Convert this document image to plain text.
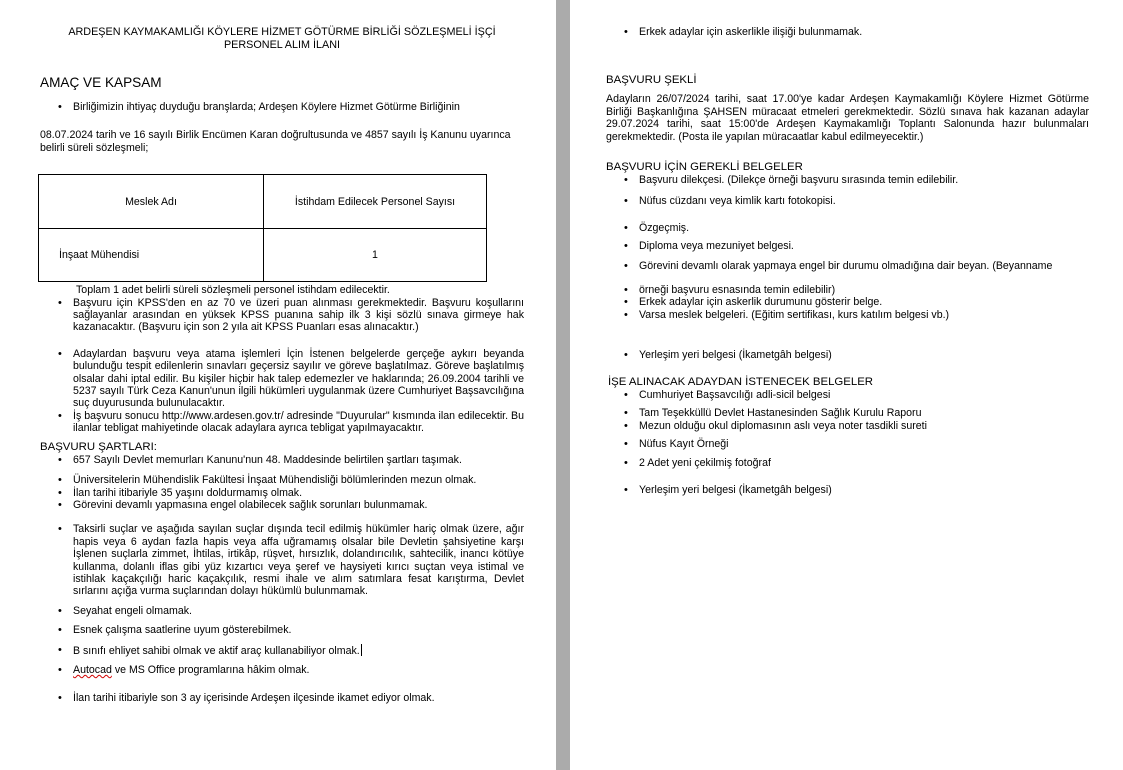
ARDEŞEN KAYMAKAMLIĞI KÖYLERE HİZMET GÖTÜRME BİRLİĞİ SÖZLEŞMELİ İŞÇİ PERSONEL ALIM İLANI

AMAÇ VE KAPSAM

• Birliğimizin ihtiyaç duyduğu branşlarda; Ardeşen Köylere Hizmet Götürme Birliğinin

08.07.2024 tarih ve 16 sayılı Birlik Encümen Karan doğrultusunda ve 4857 sayılı İş Kanunu uyarınca belirli süreli sözleşmeli;

Meslek Adı	İstihdam Edilecek Personel Sayısı
İnşaat Mühendisi	1

Toplam 1 adet belirli süreli sözleşmeli personel istihdam edilecektir.

• Başvuru için KPSS'den en az 70 ve üzeri puan alınması gerekmektedir. Başvuru koşullarını sağlayanlar arasından en yüksek KPSS puanına sahip ilk 3 kişi sözlü sınava girmeye hak kazanacaktır. (Başvuru için son 2 yıla ait KPSS Puanları esas alınacaktır.)
• Adaylardan başvuru veya atama işlemleri İçin İstenen belgelerde gerçeğe aykırı beyanda bulunduğu tespit edilenlerin sınavları geçersiz sayılır ve göreve başlatılmaz. Göreve başlatılmış olsalar dahi iptal edilir. Bu kişiler hiçbir hak talep edemezler ve haklarında; 26.09.2004 tarihli ve 5237 sayılı Türk Ceza Kanun'unun ilgili hükümleri uygulanmak üzere Cumhuriyet Başsavcılığına suç duyurusunda bulunulacaktır.
• İş başvuru sonucu http://www.ardesen.gov.tr/ adresinde "Duyurular" kısmında ilan edilecektir. Bu ilanlar tebligat mahiyetinde olacak adaylara ayrıca tebligat yapılmayacaktır.

BAŞVURU ŞARTLARI:

• 657 Sayılı Devlet memurları Kanunu'nun 48. Maddesinde belirtilen şartları taşımak.
• Üniversitelerin Mühendislik Fakültesi İnşaat Mühendisliği bölümlerinden mezun olmak.
• İlan tarihi itibariyle 35 yaşını doldurmamış olmak.
• Görevini devamlı yapmasına engel olabilecek sağlık sorunları bulunmamak.
• Taksirli suçlar ve aşağıda sayılan suçlar dışında tecil edilmiş hükümler hariç olmak üzere, ağır hapis veya 6 aydan fazla hapis veya affa uğramamış olsalar bile Devletin şahsiyetine karşı İşlenen suçlarla zimmet, İhtilas, irtikâp, rüşvet, hırsızlık, dolandırıcılık, sahtecilik, inancı kötüye kullanma, dolanlı iflas gibi yüz kızartıcı veya şeref ve haysiyeti kırıcı suçtan veya istimal ve istihlak kaçakçılığı haric kaçakçılık, resmi ihale ve alım satımlara fesat karıştırma, Devlet sırlarını açığa vurma suçlarından dolayı hükümlü bulunmamak.
• Seyahat engeli olmamak.
• Esnek çalışma saatlerine uyum gösterebilmek.
• B sınıfı ehliyet sahibi olmak ve aktif araç kullanabiliyor olmak.
• Autocad ve MS Office programlarına hâkim olmak.
• İlan tarihi itibariyle son 3 ay içerisinde Ardeşen ilçesinde ikamet ediyor olmak.
• Erkek adaylar için askerlikle ilişiği bulunmamak.

BAŞVURU ŞEKLİ

Adayların 26/07/2024 tarihi, saat 17.00'ye kadar Ardeşen Kaymakamlığı Köylere Hizmet Götürme Birliği Başkanlığına ŞAHSEN müracaat etmeleri gerekmektedir. Sözlü sınava hak kazanan adaylar 29.07.2024 tarihi, saat 15:00'de Ardeşen Kaymakamlığı Toplantı Salonunda hazır bulunmaları gerekmektedir. (Posta ile yapılan müracaatlar kabul edilmeyecektir.)

BAŞVURU İÇİN GEREKLİ BELGELER

• Başvuru dilekçesi. (Dilekçe örneği başvuru sırasında temin edilebilir.
• Nüfus cüzdanı veya kimlik kartı fotokopisi.
• Özgeçmiş.
• Diploma veya mezuniyet belgesi.
• Görevini devamlı olarak yapmaya engel bir durumu olmadığına dair beyan. (Beyanname
• örneği başvuru esnasında temin edilebilir)
• Erkek adaylar için askerlik durumunu gösterir belge.
• Varsa meslek belgeleri. (Eğitim sertifikası, kurs katılım belgesi vb.)
• Yerleşim yeri belgesi (İkametgâh belgesi)

İŞE ALINACAK ADAYDAN İSTENECEK BELGELER

• Cumhuriyet Başsavcılığı adli-sicil belgesi
• Tam Teşekküllü Devlet Hastanesinden Sağlık Kurulu Raporu
• Mezun olduğu okul diplomasının aslı veya noter tasdikli sureti
• Nüfus Kayıt Örneği
• 2 Adet yeni çekilmiş fotoğraf
• Yerleşim yeri belgesi (İkametgâh belgesi)
